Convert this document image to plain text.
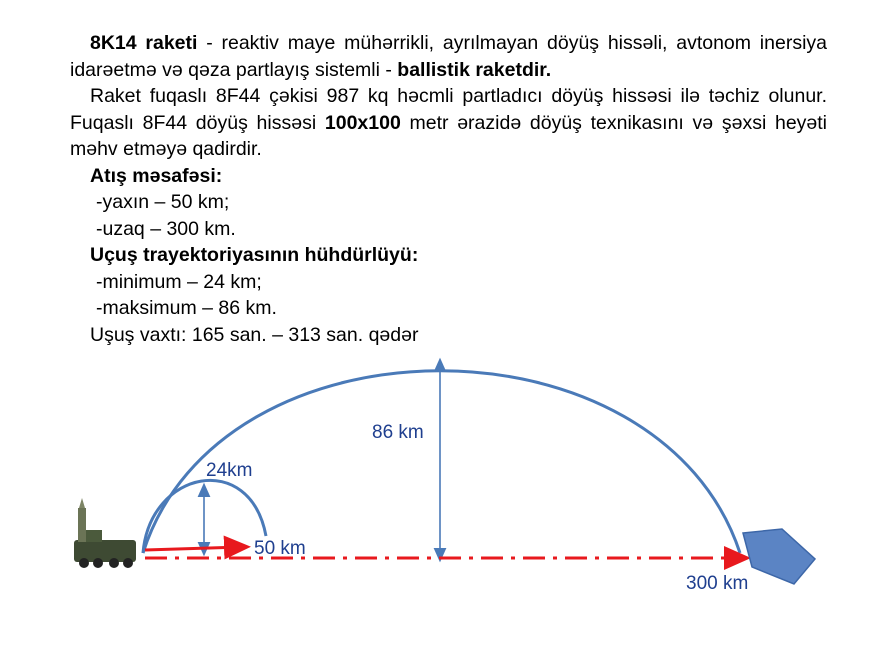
8K14 raketi - reaktiv maye mühərrikli, ayrılmayan döyüş hissəli, avtonom inersiya idarəetmə və qəza partlayış sistemli - ballistik raketdir.

Raket fuqaslı 8F44 çəkisi 987 kq həcmli partladıcı döyüş hissəsi ilə təchiz olunur. Fuqaslı 8F44 döyüş hissəsi 100x100 metr ərazidə döyüş texnikasını və şəxsi heyəti məhv etməyə qadirdir.

Atış məsafəsi:

-yaxın – 50 km;

-uzaq – 300 km.

Uçuş trayektoriyasının hühdürlüyü:

-minimum – 24 km;

-maksimum – 86 km.

Uşuş vaxtı: 165 san. – 313 san. qədər

86 km
24km
50 km
300 km
